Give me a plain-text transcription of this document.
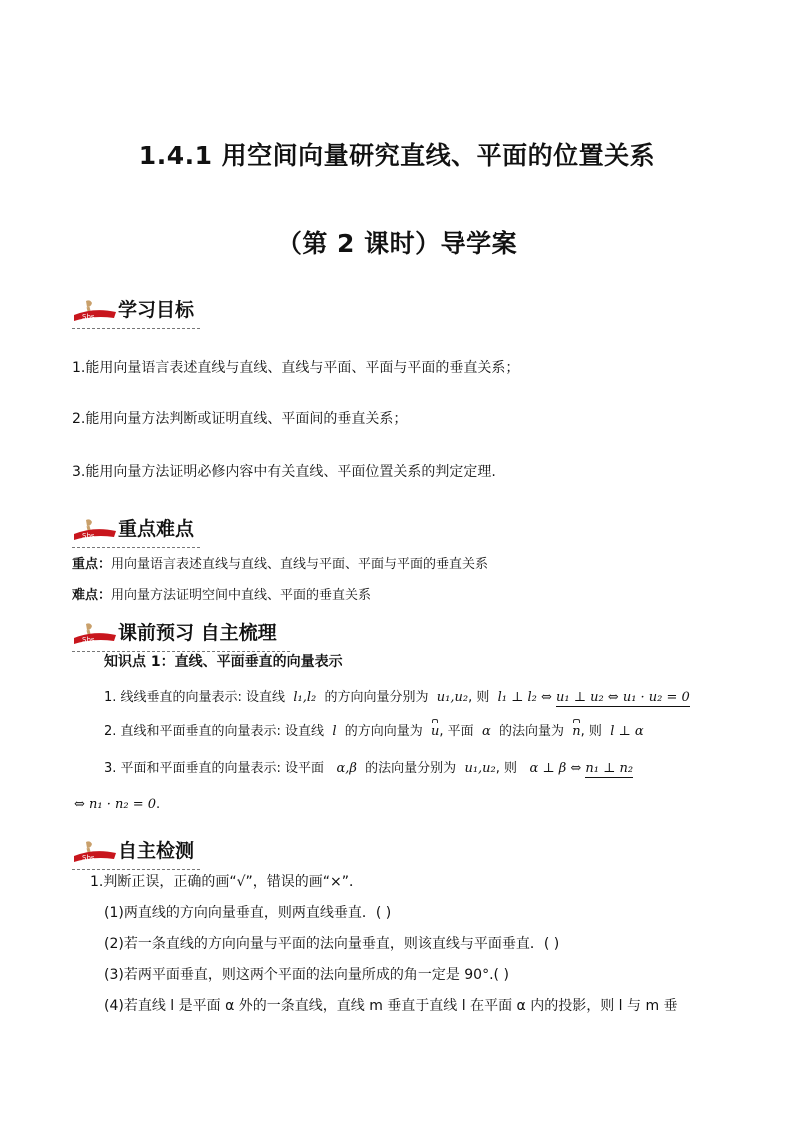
1.4.1 用空间向量研究直线、平面的位置关系
（第 2 课时）导学案
Sbs 学习目标
1.能用向量语言表述直线与直线、直线与平面、平面与平面的垂直关系；
2.能用向量方法判断或证明直线、平面间的垂直关系；
3.能用向量方法证明必修内容中有关直线、平面位置关系的判定定理.
Sbs 重点难点
重点：用向量语言表述直线与直线、直线与平面、平面与平面的垂直关系
难点：用向量方法证明空间中直线、平面的垂直关系
Sbs 课前预习 自主梳理
知识点 1：直线、平面垂直的向量表示
1. 线线垂直的向量表示: 设直线 l₁,l₂ 的方向向量分别为 u₁,u₂, 则 l₁ ⊥ l₂ ⇔ u₁ ⊥ u₂ ⇔ u₁ · u₂ = 0
2. 直线和平面垂直的向量表示: 设直线 l 的方向向量为 u, 平面 α 的法向量为 n, 则 l ⊥ α
3. 平面和平面垂直的向量表示: 设平面 α,β 的法向量分别为 u₁,u₂, 则 α ⊥ β ⇔ n₁ ⊥ n₂
⇔ n₁ · n₂ = 0.
Sbs 自主检测
1.判断正误，正确的画“√”，错误的画“×”．
(1)两直线的方向向量垂直，则两直线垂直．( )
(2)若一条直线的方向向量与平面的法向量垂直，则该直线与平面垂直．( )
(3)若两平面垂直，则这两个平面的法向量所成的角一定是 90°.( )
(4)若直线 l 是平面 α 外的一条直线，直线 m 垂直于直线 l 在平面 α 内的投影，则 l 与 m 垂
